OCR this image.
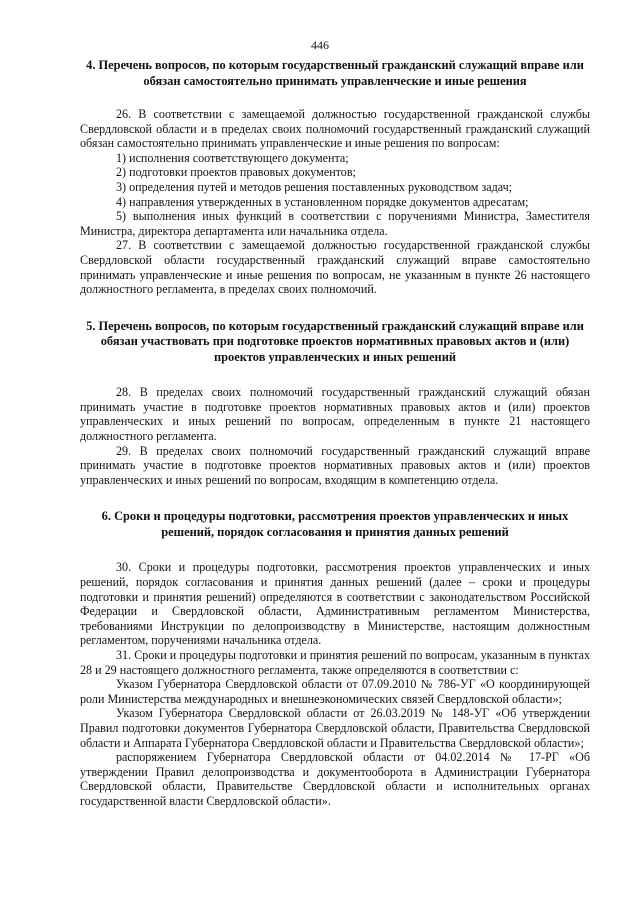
446

4. Перечень вопросов, по которым государственный гражданский служащий вправе или обязан самостоятельно принимать управленческие и иные решения

26. В соответствии с замещаемой должностью государственной гражданской службы Свердловской области и в пределах своих полномочий государственный гражданский служащий обязан самостоятельно принимать управленческие и иные решения по вопросам:

1) исполнения соответствующего документа;

2) подготовки проектов правовых документов;

3) определения путей и методов решения поставленных руководством задач;

4) направления утвержденных в установленном порядке документов адресатам;

5) выполнения иных функций в соответствии с поручениями Министра, Заместителя Министра, директора департамента или начальника отдела.

27. В соответствии с замещаемой должностью государственной гражданской службы Свердловской области государственный гражданский служащий вправе самостоятельно принимать управленческие и иные решения по вопросам, не указанным в пункте 26 настоящего должностного регламента, в пределах своих полномочий.

5. Перечень вопросов, по которым государственный гражданский служащий вправе или обязан участвовать при подготовке проектов нормативных правовых актов и (или) проектов управленческих и иных решений

28. В пределах своих полномочий государственный гражданский служащий обязан принимать участие в подготовке проектов нормативных правовых актов и (или) проектов управленческих и иных решений по вопросам, определенным в пункте 21 настоящего должностного регламента.

29. В пределах своих полномочий государственный гражданский служащий вправе принимать участие в подготовке проектов нормативных правовых актов и (или) проектов управленческих и иных решений по вопросам, входящим в компетенцию отдела.

6. Сроки и процедуры подготовки, рассмотрения проектов управленческих и иных решений, порядок согласования и принятия данных решений

30. Сроки и процедуры подготовки, рассмотрения проектов управленческих и иных решений, порядок согласования и принятия данных решений (далее – сроки и процедуры подготовки и принятия решений) определяются в соответствии с законодательством Российской Федерации и Свердловской области, Административным регламентом Министерства, требованиями Инструкции по делопроизводству в Министерстве, настоящим должностным регламентом, поручениями начальника отдела.

31. Сроки и процедуры подготовки и принятия решений по вопросам, указанным в пунктах 28 и 29 настоящего должностного регламента, также определяются в соответствии с:

Указом Губернатора Свердловской области от 07.09.2010 № 786-УГ «О координирующей роли Министерства международных и внешнеэкономических связей Свердловской области»;

Указом Губернатора Свердловской области от 26.03.2019 № 148-УГ «Об утверждении Правил подготовки документов Губернатора Свердловской области, Правительства Свердловской области и Аппарата Губернатора Свердловской области и Правительства Свердловской области»;

распоряжением Губернатора Свердловской области от 04.02.2014 № 17-РГ «Об утверждении Правил делопроизводства и документооборота в Администрации Губернатора Свердловской области, Правительстве Свердловской области и исполнительных органах государственной власти Свердловской области».
